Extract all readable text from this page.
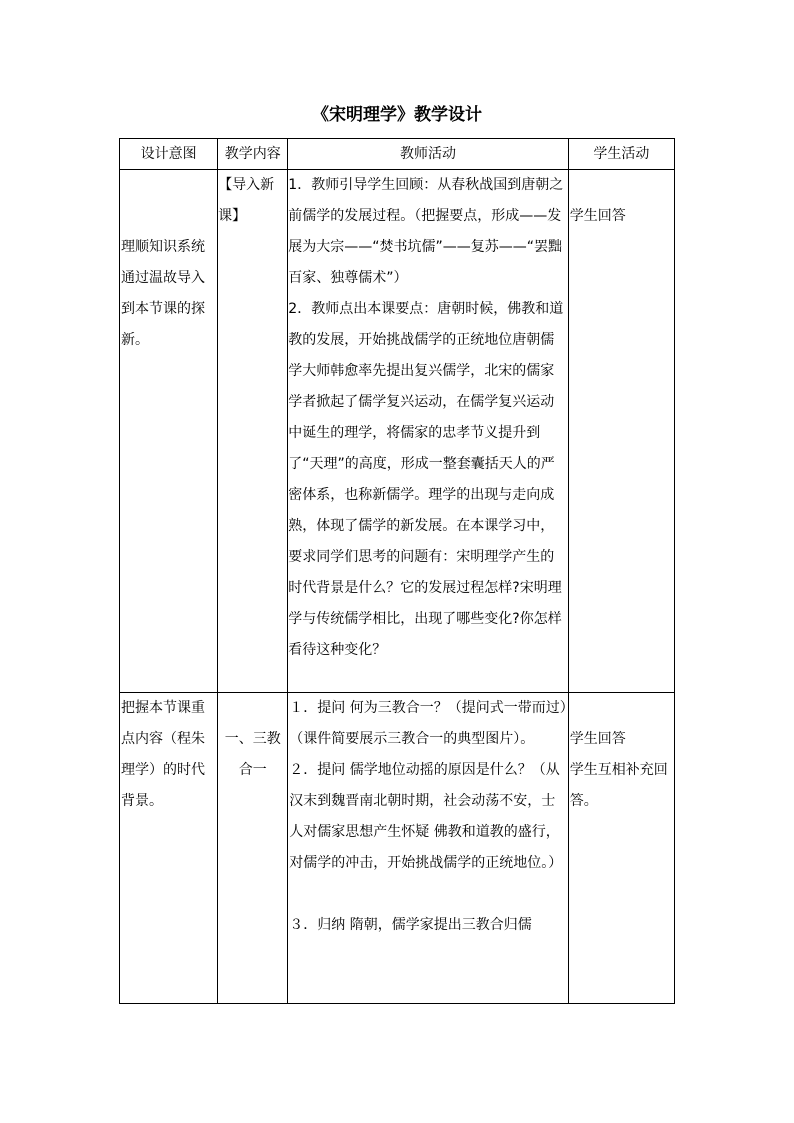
《宋明理学》教学设计
设计意图	教学内容	教师活动	学生活动

理顺知识系统通过温故导入到本节课的探新。	【导入新课】	1．教师引导学生回顾：从春秋战国到唐朝之前儒学的发展过程。（把握要点，形成——发展为大宗——“焚书坑儒”——复苏——“罢黜百家、独尊儒术”）
2．教师点出本课要点：唐朝时候，佛教和道教的发展，开始挑战儒学的正统地位唐朝儒学大师韩愈率先提出复兴儒学，北宋的儒家学者掀起了儒学复兴运动，在儒学复兴运动中诞生的理学，将儒家的忠孝节义提升到了“天理”的高度，形成一整套囊括天人的严密体系，也称新儒学。理学的出现与走向成熟，体现了儒学的新发展。在本课学习中，要求同学们思考的问题有：宋明理学产生的时代背景是什么？它的发展过程怎样?宋明理学与传统儒学相比，出现了哪些变化?你怎样看待这种变化？	学生回答

把握本节课重点内容（程朱理学）的时代背景。	一、三教合一	１．提问 何为三教合一？（提问式一带而过）
（课件简要展示三教合一的典型图片）。
２．提问 儒学地位动摇的原因是什么？（从汉末到魏晋南北朝时期，社会动荡不安，士人对儒家思想产生怀疑 佛教和道教的盛行，对儒学的冲击，开始挑战儒学的正统地位。）
３．归纳 隋朝，儒学家提出三教合归儒	学生回答
学生互相补充回答。
